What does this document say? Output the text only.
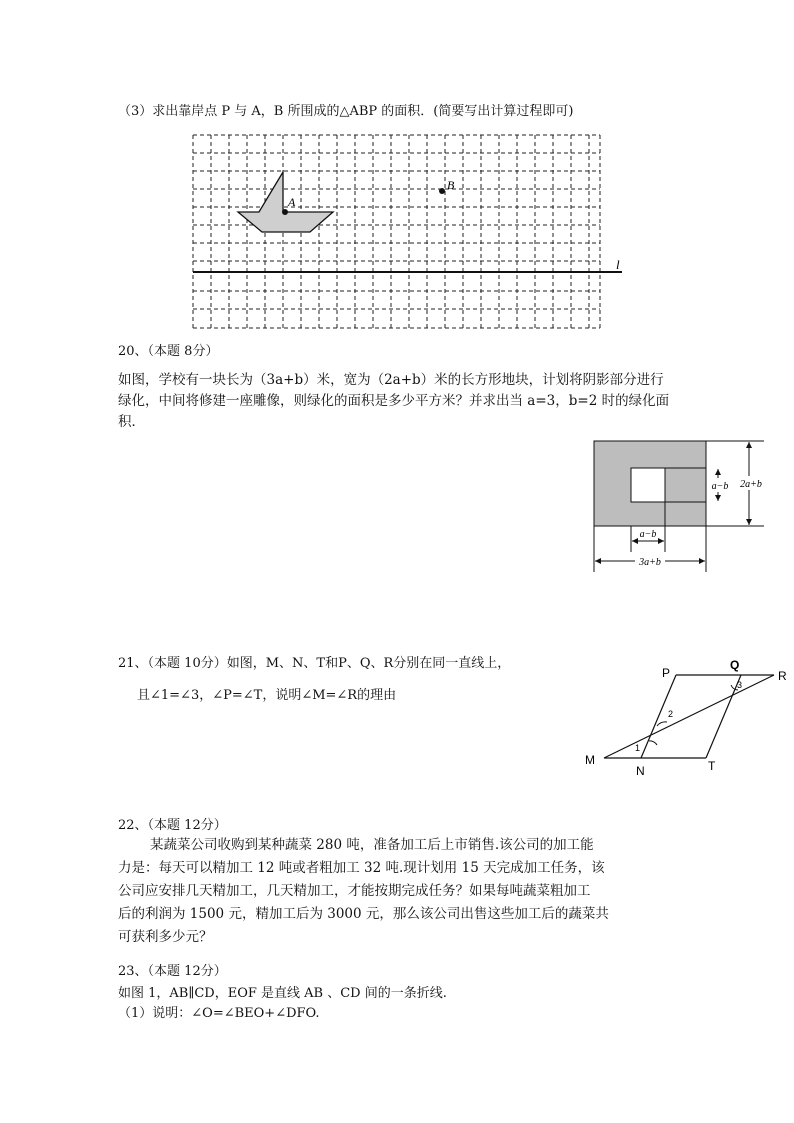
（3）求出靠岸点 P 与 A，B 所围成的△ABP 的面积．(简要写出计算过程即可)
A
B
l
20、（本题 8分）
如图，学校有一块长为（3a+b）米，宽为（2a+b）米的长方形地块，计划将阴影部分进行
绿化，中间将修建一座雕像，则绿化的面积是多少平方米？并求出当 a=3，b=2 时的绿化面
积．
a−b 2a+b
a−b
3a+b
21、（本题 10分）如图，M、N、T和P、Q、R分别在同一直线上，
且∠1=∠3，∠P=∠T，说明∠M=∠R的理由
P
Q
R
M
N	T
1
2
3
22、（本题 12分）
某蔬菜公司收购到某种蔬菜 280 吨，准备加工后上市销售.该公司的加工能
力是：每天可以精加工 12 吨或者粗加工 32 吨.现计划用 15 天完成加工任务，该
公司应安排几天精加工，几天精加工，才能按期完成任务？如果每吨蔬菜粗加工
后的利润为 1500 元，精加工后为 3000 元，那么该公司出售这些加工后的蔬菜共
可获利多少元？
23、（本题 12分）
如图 1，AB∥CD，EOF 是直线 AB 、CD 间的一条折线.
（1）说明：∠O=∠BEO+∠DFO.
